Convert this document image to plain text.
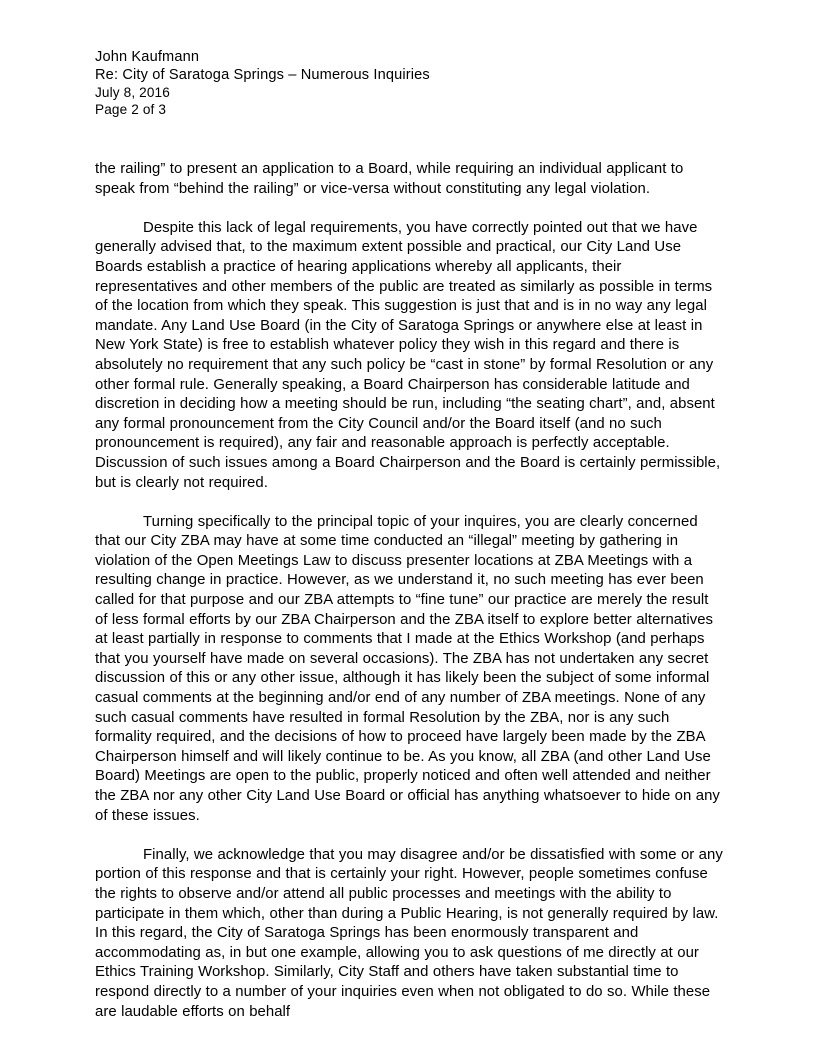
John Kaufmann
Re: City of Saratoga Springs – Numerous Inquiries
July 8, 2016
Page 2 of 3

the railing” to present an application to a Board, while requiring an individual applicant to speak from “behind the railing” or vice-versa without constituting any legal violation.

Despite this lack of legal requirements, you have correctly pointed out that we have generally advised that, to the maximum extent possible and practical, our City Land Use Boards establish a practice of hearing applications whereby all applicants, their representatives and other members of the public are treated as similarly as possible in terms of the location from which they speak. This suggestion is just that and is in no way any legal mandate. Any Land Use Board (in the City of Saratoga Springs or anywhere else at least in New York State) is free to establish whatever policy they wish in this regard and there is absolutely no requirement that any such policy be “cast in stone” by formal Resolution or any other formal rule. Generally speaking, a Board Chairperson has considerable latitude and discretion in deciding how a meeting should be run, including “the seating chart”, and, absent any formal pronouncement from the City Council and/or the Board itself (and no such pronouncement is required), any fair and reasonable approach is perfectly acceptable. Discussion of such issues among a Board Chairperson and the Board is certainly permissible, but is clearly not required.

Turning specifically to the principal topic of your inquires, you are clearly concerned that our City ZBA may have at some time conducted an “illegal” meeting by gathering in violation of the Open Meetings Law to discuss presenter locations at ZBA Meetings with a resulting change in practice. However, as we understand it, no such meeting has ever been called for that purpose and our ZBA attempts to “fine tune” our practice are merely the result of less formal efforts by our ZBA Chairperson and the ZBA itself to explore better alternatives at least partially in response to comments that I made at the Ethics Workshop (and perhaps that you yourself have made on several occasions). The ZBA has not undertaken any secret discussion of this or any other issue, although it has likely been the subject of some informal casual comments at the beginning and/or end of any number of ZBA meetings. None of any such casual comments have resulted in formal Resolution by the ZBA, nor is any such formality required, and the decisions of how to proceed have largely been made by the ZBA Chairperson himself and will likely continue to be. As you know, all ZBA (and other Land Use Board) Meetings are open to the public, properly noticed and often well attended and neither the ZBA nor any other City Land Use Board or official has anything whatsoever to hide on any of these issues.

Finally, we acknowledge that you may disagree and/or be dissatisfied with some or any portion of this response and that is certainly your right. However, people sometimes confuse the rights to observe and/or attend all public processes and meetings with the ability to participate in them which, other than during a Public Hearing, is not generally required by law. In this regard, the City of Saratoga Springs has been enormously transparent and accommodating as, in but one example, allowing you to ask questions of me directly at our Ethics Training Workshop. Similarly, City Staff and others have taken substantial time to respond directly to a number of your inquiries even when not obligated to do so. While these are laudable efforts on behalf
